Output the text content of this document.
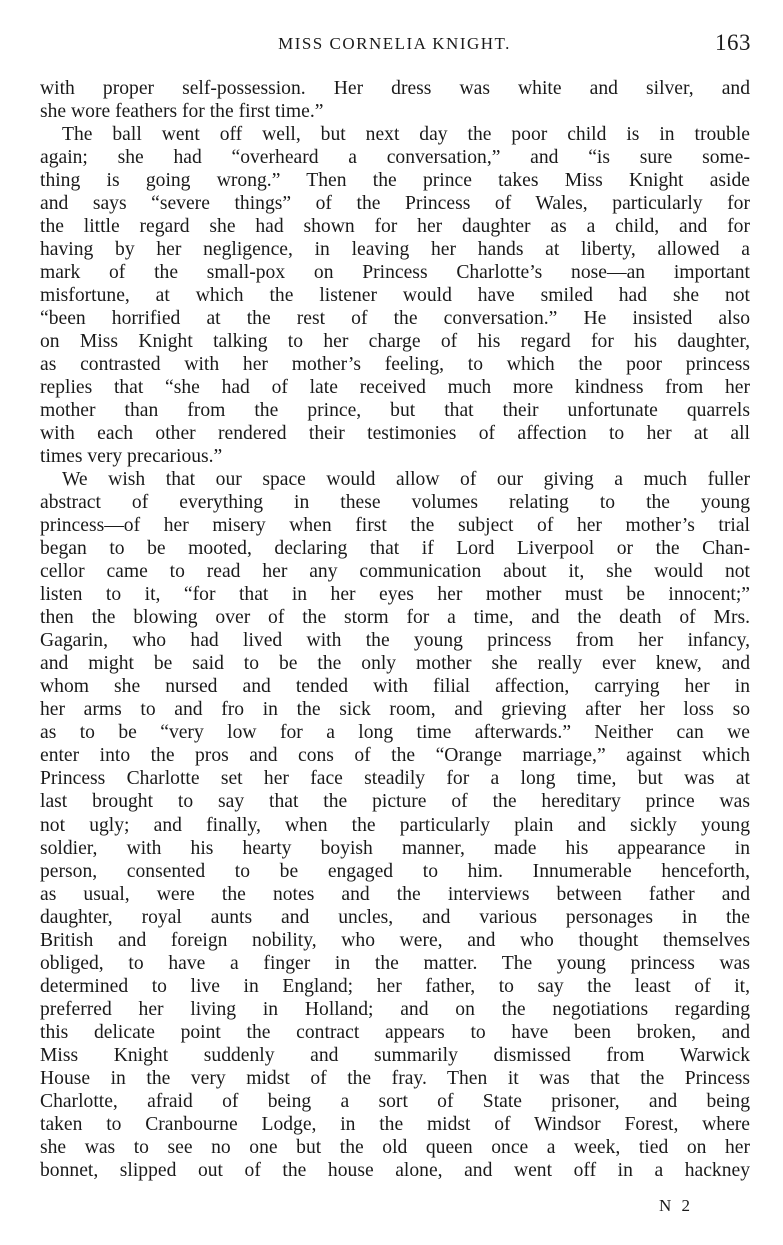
MISS CORNELIA KNIGHT.	163
with proper self-possession. Her dress was white and silver, and
she wore feathers for the first time.”
The ball went off well, but next day the poor child is in trouble
again; she had “overheard a conversation,” and “is sure some-
thing is going wrong.” Then the prince takes Miss Knight aside
and says “severe things” of the Princess of Wales, particularly for
the little regard she had shown for her daughter as a child, and for
having by her negligence, in leaving her hands at liberty, allowed a
mark of the small-pox on Princess Charlotte’s nose—an important
misfortune, at which the listener would have smiled had she not
“been horrified at the rest of the conversation.” He insisted also
on Miss Knight talking to her charge of his regard for his daughter,
as contrasted with her mother’s feeling, to which the poor princess
replies that “she had of late received much more kindness from her
mother than from the prince, but that their unfortunate quarrels
with each other rendered their testimonies of affection to her at all
times very precarious.”
We wish that our space would allow of our giving a much fuller
abstract of everything in these volumes relating to the young
princess—of her misery when first the subject of her mother’s trial
began to be mooted, declaring that if Lord Liverpool or the Chan-
cellor came to read her any communication about it, she would not
listen to it, “for that in her eyes her mother must be innocent;”
then the blowing over of the storm for a time, and the death of Mrs.
Gagarin, who had lived with the young princess from her infancy,
and might be said to be the only mother she really ever knew, and
whom she nursed and tended with filial affection, carrying her in
her arms to and fro in the sick room, and grieving after her loss so
as to be “very low for a long time afterwards.” Neither can we
enter into the pros and cons of the “Orange marriage,” against which
Princess Charlotte set her face steadily for a long time, but was at
last brought to say that the picture of the hereditary prince was
not ugly; and finally, when the particularly plain and sickly young
soldier, with his hearty boyish manner, made his appearance in
person, consented to be engaged to him. Innumerable henceforth,
as usual, were the notes and the interviews between father and
daughter, royal aunts and uncles, and various personages in the
British and foreign nobility, who were, and who thought themselves
obliged, to have a finger in the matter. The young princess was
determined to live in England; her father, to say the least of it,
preferred her living in Holland; and on the negotiations regarding
this delicate point the contract appears to have been broken, and
Miss Knight suddenly and summarily dismissed from Warwick
House in the very midst of the fray. Then it was that the Princess
Charlotte, afraid of being a sort of State prisoner, and being
taken to Cranbourne Lodge, in the midst of Windsor Forest, where
she was to see no one but the old queen once a week, tied on her
bonnet, slipped out of the house alone, and went off in a hackney
N 2
